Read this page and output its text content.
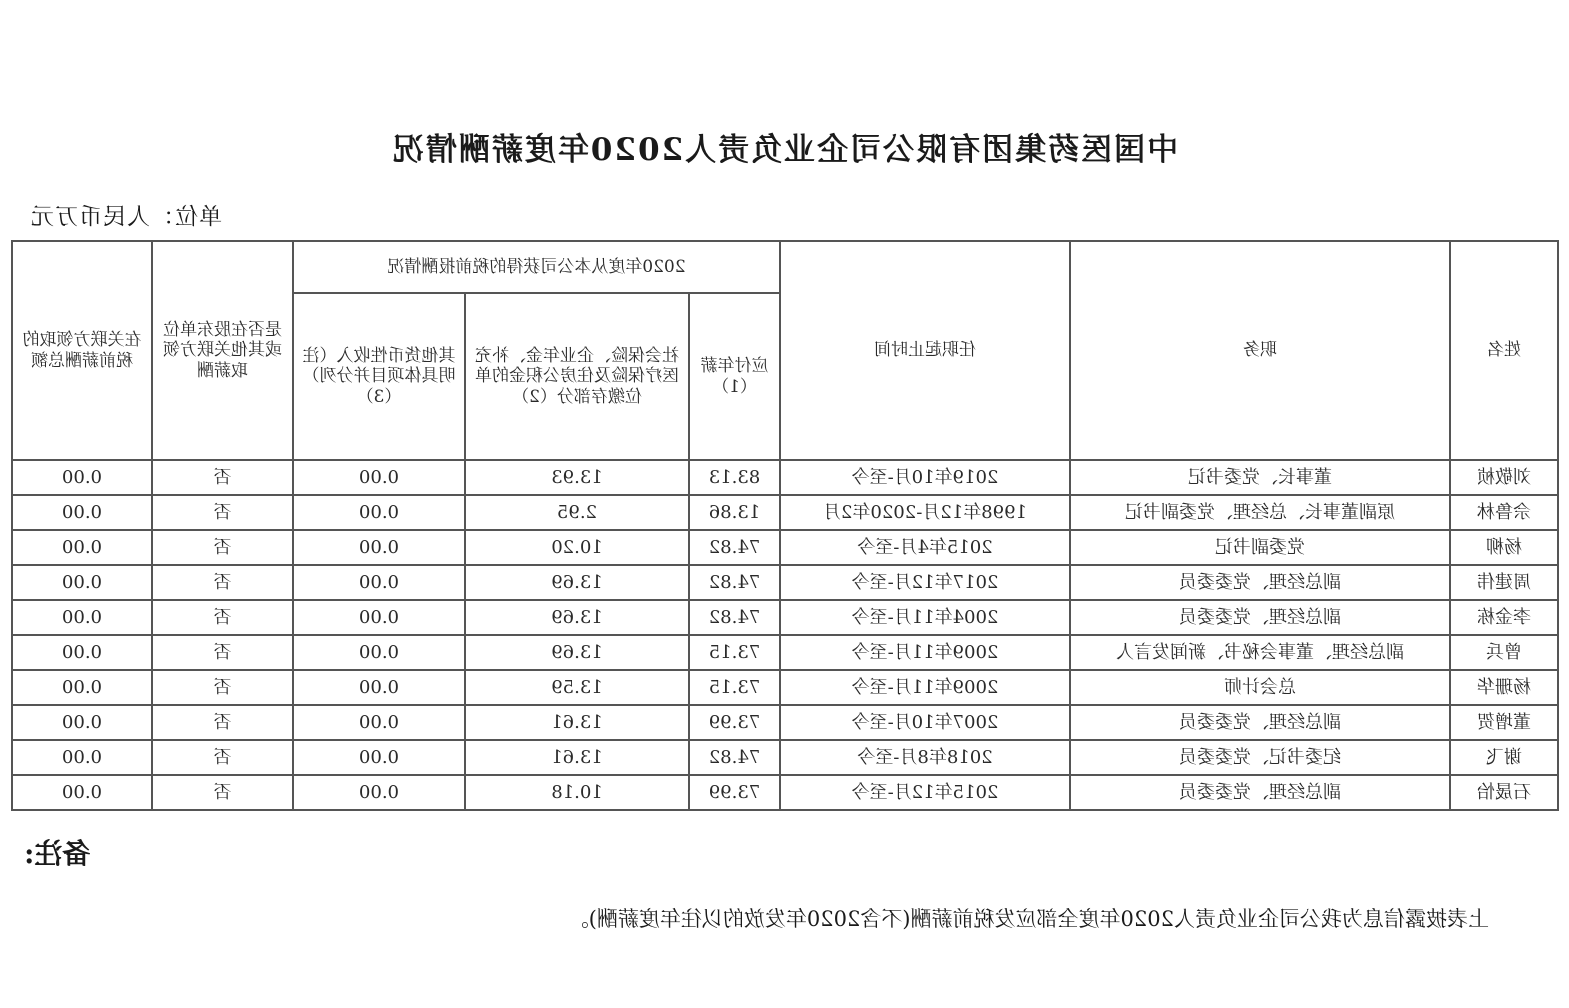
中国医药集团有限公司企业负责人2020年度薪酬情况
单位：人民币万元
姓名	职务	任职起止时间	2020年度从本公司获得的税前报酬情况			是否在股东单位或其他关联方领取薪酬	在关联方领取的税前薪酬总额
			应付年薪（1）	社会保险、企业年金、补充医疗保险及住房公积金的单位缴存部分（2）	其他货币性收入（注明具体项目并分列）（3）		
刘敬桢	董事长、党委书记	2019年10月-至今	83.13	13.93	0.00	否	0.00
佘鲁林	原副董事长、总经理、党委副书记	1998年12月-2020年2月	13.86	2.95	0.00	否	0.00
杨柳	党委副书记	2015年4月-至今	74.82	10.20	0.00	否	0.00
周建伟	副总经理、党委委员	2017年12月-至今	74.82	13.69	0.00	否	0.00
李金栋	副总经理、党委委员	2004年11月-至今	74.82	13.69	0.00	否	0.00
曾兵	副总经理、董事会秘书、新闻发言人	2009年11月-至今	73.15	13.69	0.00	否	0.00
杨珊华	总会计师	2009年11月-至今	73.15	13.59	0.00	否	0.00
董增贺	副总经理、党委委员	2007年10月-至今	73.99	13.61	0.00	否	0.00
谢飞	纪委书记、党委委员	2018年8月-至今	74.82	13.61	0.00	否	0.00
石晟怡	副总经理、党委委员	2015年12月-至今	73.99	10.18	0.00	否	0.00
备注:
上表披露信息为我公司企业负责人2020年度全部应发税前薪酬(不含2020年发放的以往年度薪酬)。
